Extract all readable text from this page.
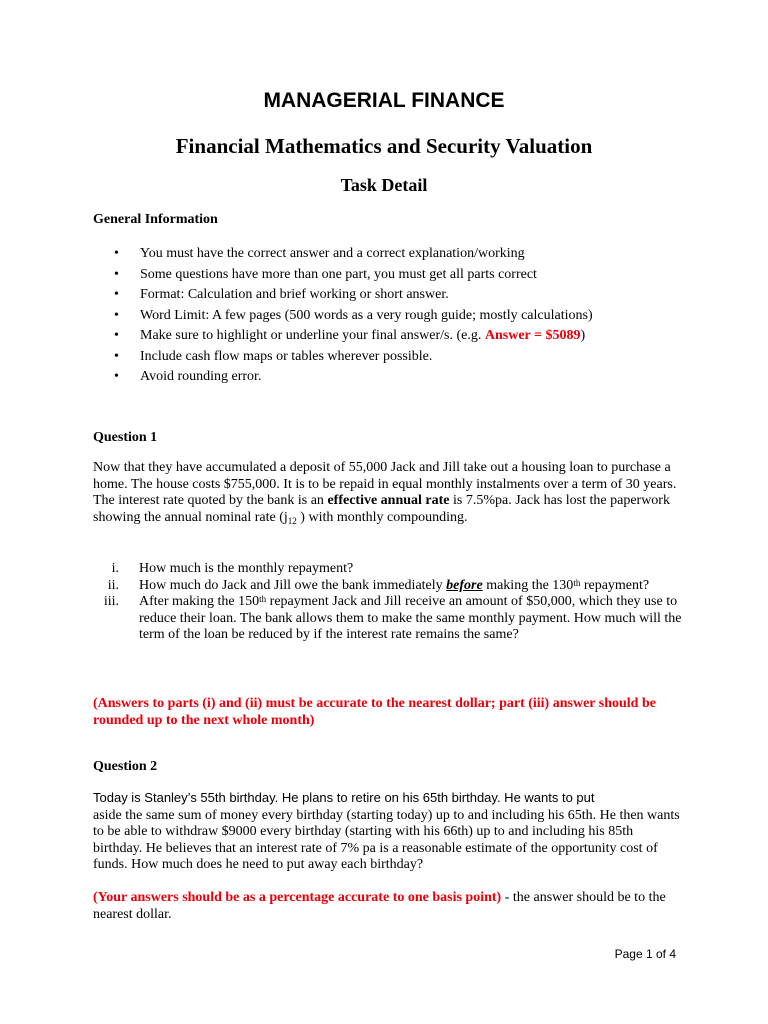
MANAGERIAL FINANCE
Financial Mathematics and Security Valuation
Task Detail
General Information
• You must have the correct answer and a correct explanation/working
• Some questions have more than one part, you must get all parts correct
• Format: Calculation and brief working or short answer.
• Word Limit: A few pages (500 words as a very rough guide; mostly calculations)
• Make sure to highlight or underline your final answer/s. (e.g. Answer = $5089)
• Include cash flow maps or tables wherever possible.
• Avoid rounding error.
Question 1
Now that they have accumulated a deposit of 55,000 Jack and Jill take out a housing loan to purchase a home. The house costs $755,000. It is to be repaid in equal monthly instalments over a term of 30 years. The interest rate quoted by the bank is an effective annual rate is 7.5%pa. Jack has lost the paperwork showing the annual nominal rate ($j_{12}$ ) with monthly compounding.
i. How much is the monthly repayment?
ii. How much do Jack and Jill owe the bank immediately before making the 130th repayment?
iii. After making the 150th repayment Jack and Jill receive an amount of $50,000, which they use to reduce their loan. The bank allows them to make the same monthly payment. How much will the term of the loan be reduced by if the interest rate remains the same?
(Answers to parts (i) and (ii) must be accurate to the nearest dollar; part (iii) answer should be rounded up to the next whole month)
Question 2
Today is Stanley’s 55th birthday. He plans to retire on his 65th birthday. He wants to put
aside the same sum of money every birthday (starting today) up to and including his 65th. He then wants to be able to withdraw $9000 every birthday (starting with his 66th) up to and including his 85th birthday. He believes that an interest rate of 7% pa is a reasonable estimate of the opportunity cost of funds. How much does he need to put away each birthday?
(Your answers should be as a percentage accurate to one basis point) - the answer should be to the nearest dollar.
Page 1 of 4
